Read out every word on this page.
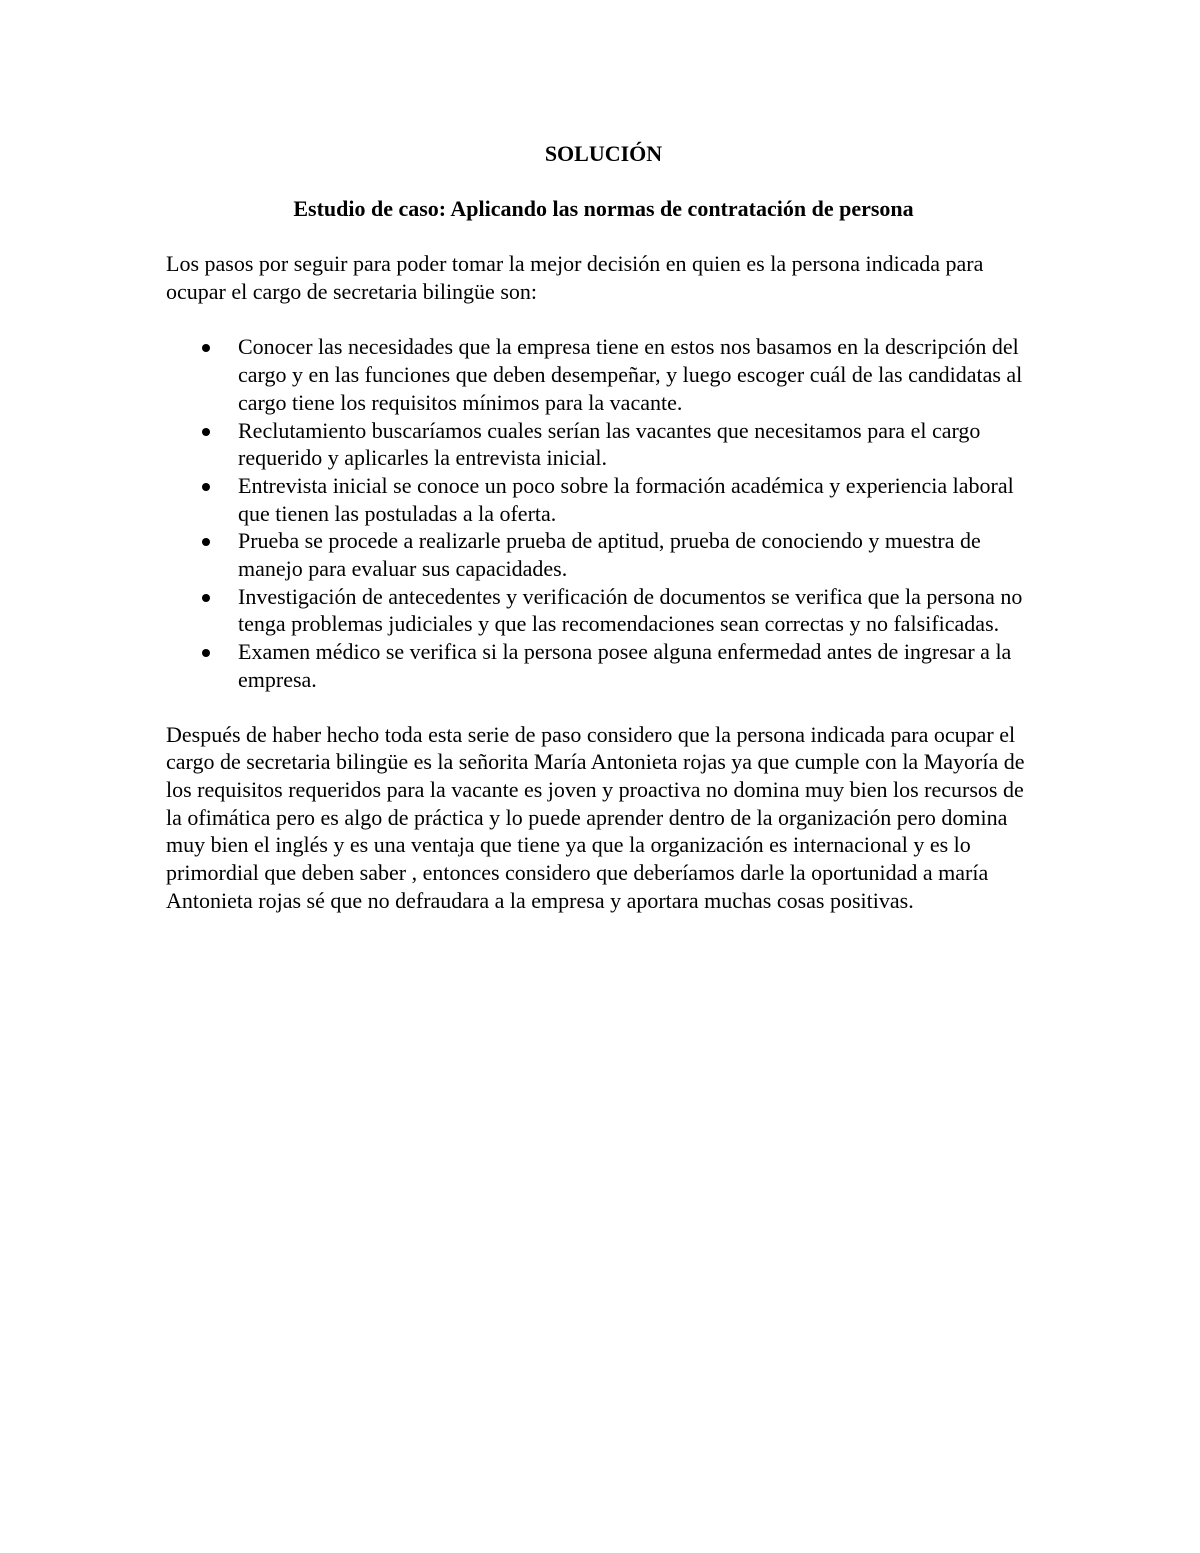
SOLUCIÓN
Estudio de caso: Aplicando las normas de contratación de persona

Los pasos por seguir para poder tomar la mejor decisión en quien es la persona indicada para ocupar el cargo de secretaria bilingüe son:

Conocer las necesidades que la empresa tiene en estos nos basamos en la descripción del cargo y en las funciones que deben desempeñar, y luego escoger cuál de las candidatas al cargo tiene los requisitos mínimos para la vacante.
Reclutamiento buscaríamos cuales serían las vacantes que necesitamos para el cargo requerido y aplicarles la entrevista inicial.
Entrevista inicial se conoce un poco sobre la formación académica y experiencia laboral que tienen las postuladas a la oferta.
Prueba se procede a realizarle prueba de aptitud, prueba de conociendo y muestra de manejo para evaluar sus capacidades.
Investigación de antecedentes y verificación de documentos se verifica que la persona no tenga problemas judiciales y que las recomendaciones sean correctas y no falsificadas.
Examen médico se verifica si la persona posee alguna enfermedad antes de ingresar a la empresa.

Después de haber hecho toda esta serie de paso considero que la persona indicada para ocupar el cargo de secretaria bilingüe es la señorita María Antonieta rojas ya que cumple con la Mayoría de los requisitos requeridos para la vacante es joven y proactiva no domina muy bien los recursos de la ofimática pero es algo de práctica y lo puede aprender dentro de la organización pero domina muy bien el inglés y es una ventaja que tiene ya que la organización es internacional y es lo primordial que deben saber , entonces considero que deberíamos darle la oportunidad a maría Antonieta rojas sé que no defraudara a la empresa y aportara muchas cosas positivas.
